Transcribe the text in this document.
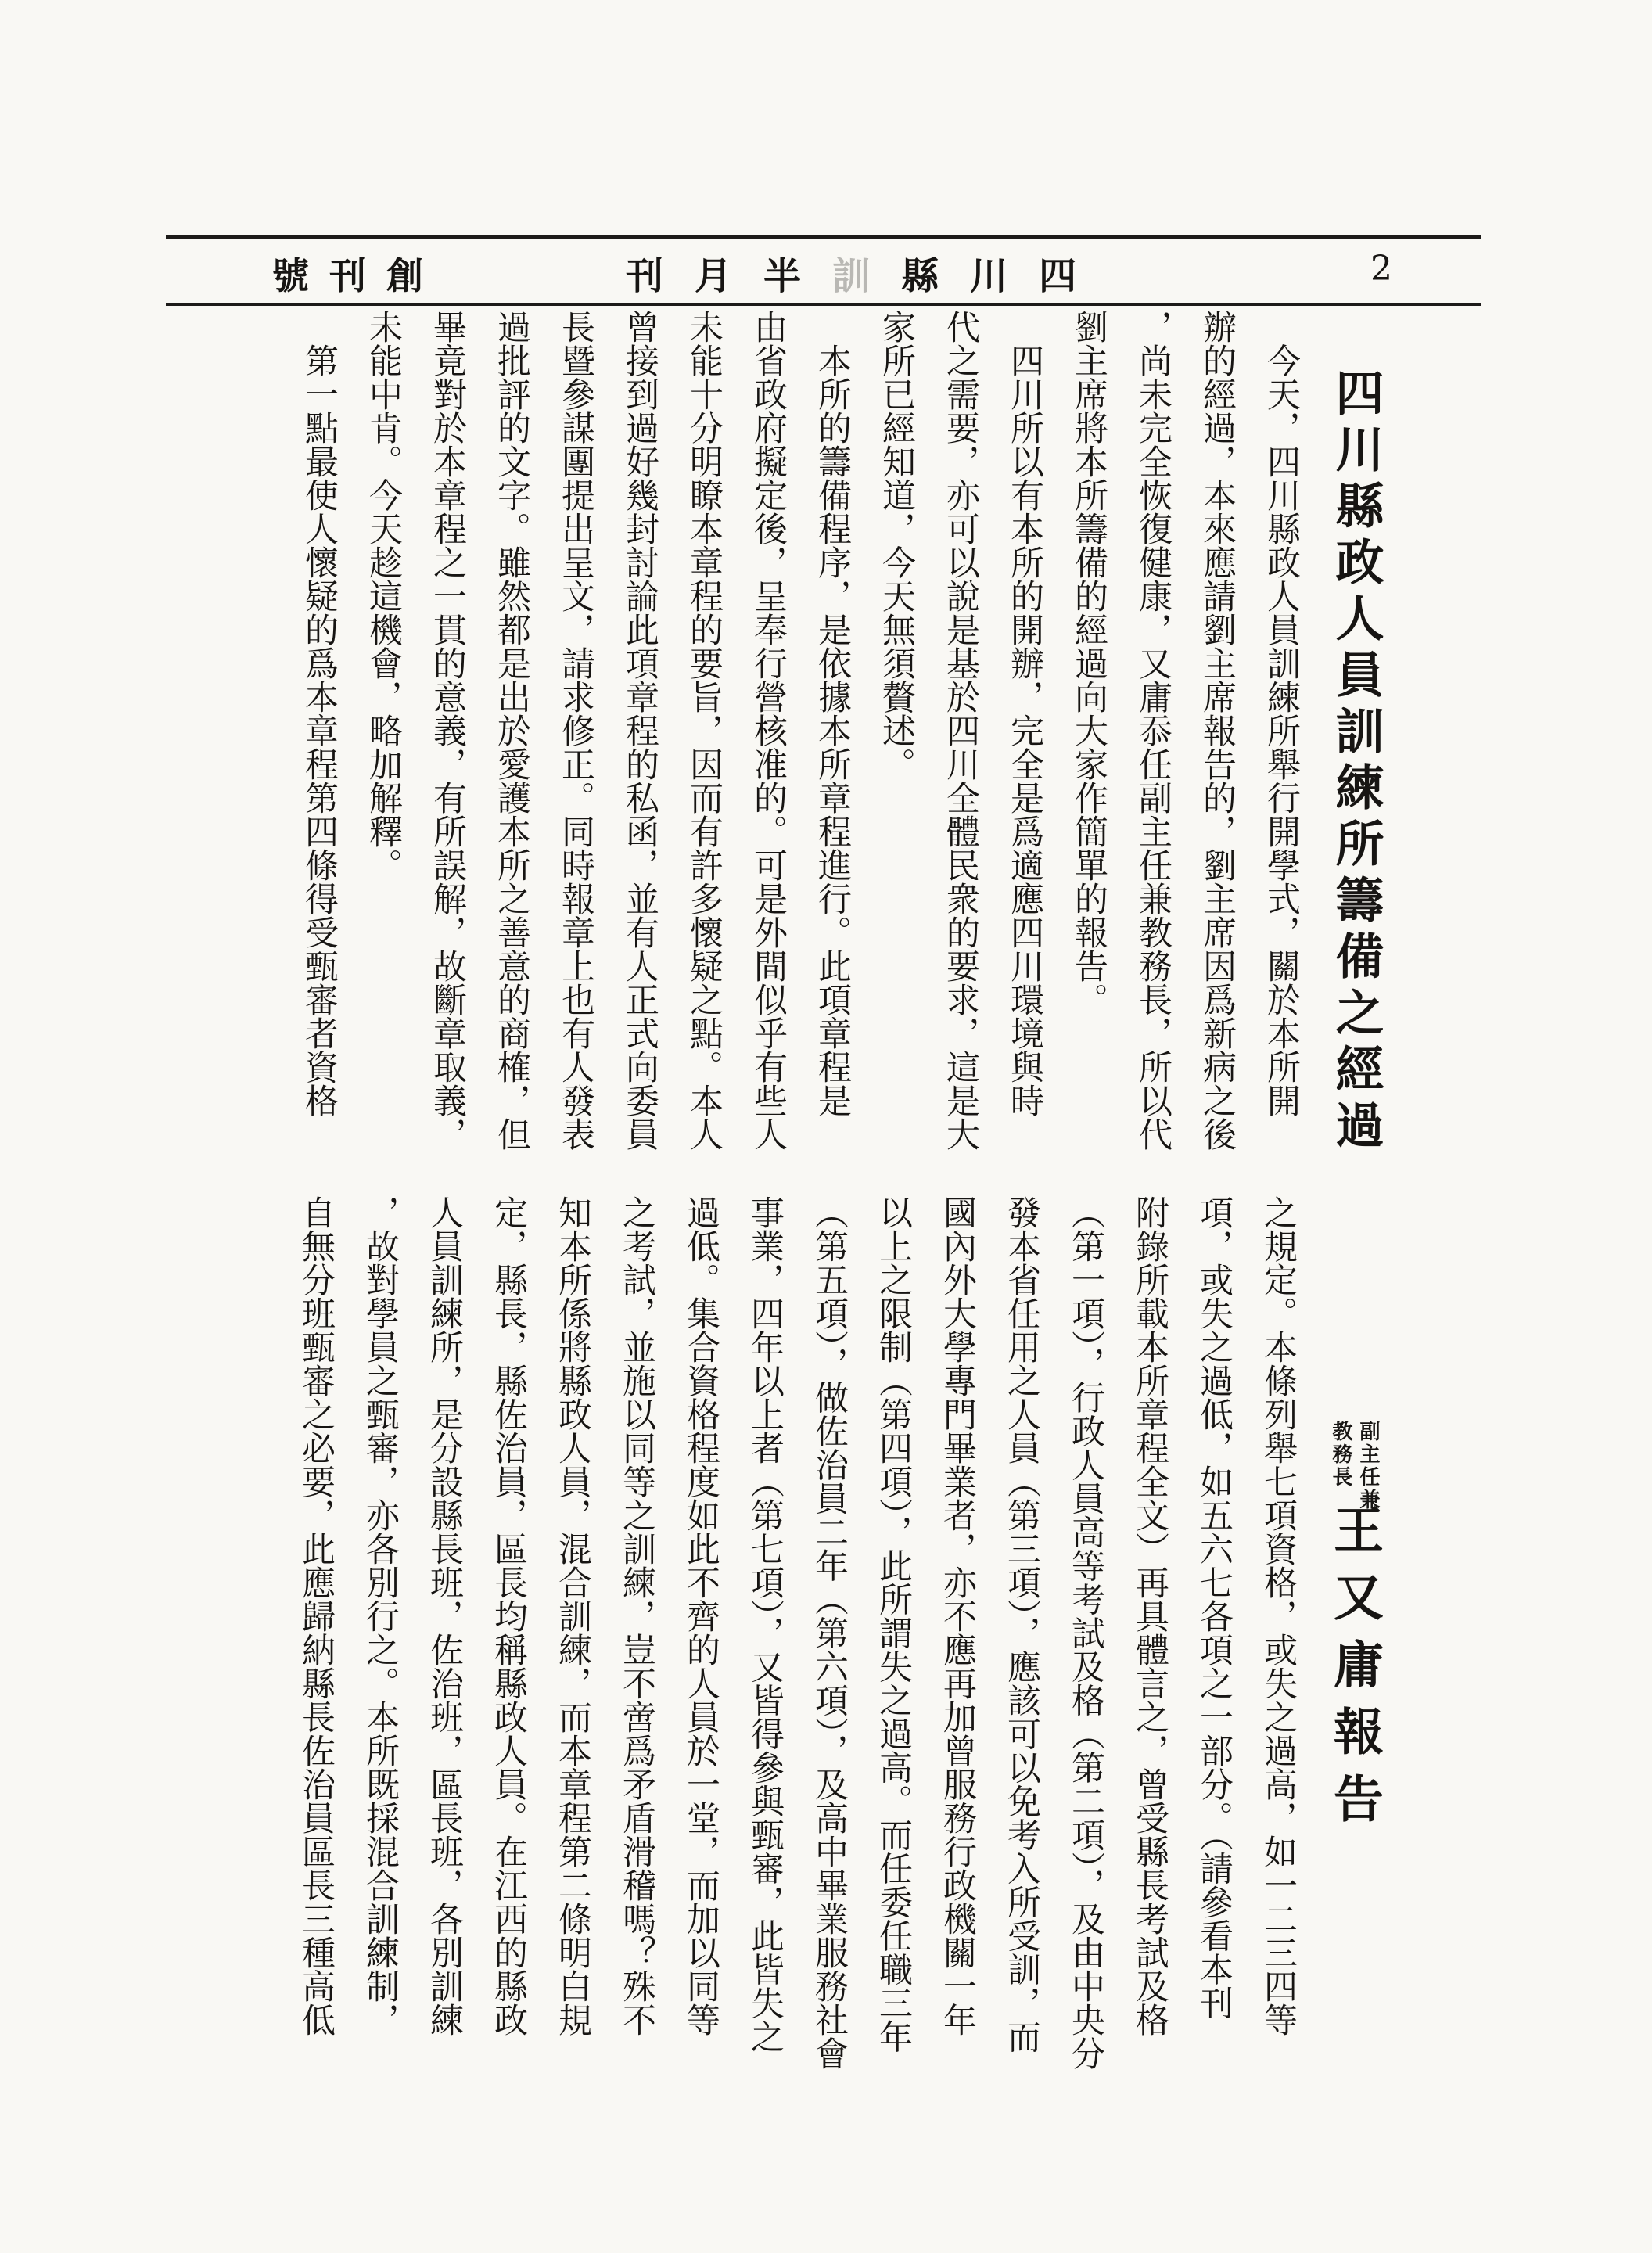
號 刊 創	刊 月 半 訓 縣 川 四	2
四川縣政人員訓練所籌備之經過
今天，四川縣政人員訓練所舉行開學式，關於本所開
辦的經過，本來應請劉主席報告的，劉主席因爲新病之後
，尚未完全恢復健康，又庸忝任副主任兼教務長，所以代
劉主席將本所籌備的經過向大家作簡單的報告。
四川所以有本所的開辦，完全是爲適應四川環境與時
代之需要，亦可以說是基於四川全體民衆的要求，這是大
家所已經知道，今天無須贅述。
本所的籌備程序，是依據本所章程進行。此項章程是
由省政府擬定後，呈奉行營核准的。可是外間似乎有些人
未能十分明瞭本章程的要旨，因而有許多懷疑之點。本人
曾接到過好幾封討論此項章程的私函，並有人正式向委員
長暨參謀團提出呈文，請求修正。同時報章上也有人發表
過批評的文字。雖然都是出於愛護本所之善意的商榷，但
畢竟對於本章程之一貫的意義，有所誤解，故斷章取義，
未能中肯。今天趁這機會，略加解釋。
第一點最使人懷疑的爲本章程第四條得受甄審者資格
副主任兼
教務長
王又庸報告
之規定。本條列舉七項資格，或失之過高，如一二三四等
項，或失之過低，如五六七各項之一部分。（請參看本刊
附錄所載本所章程全文）再具體言之，曾受縣長考試及格
（第一項），行政人員高等考試及格（第二項），及由中央分
發本省任用之人員（第三項），應該可以免考入所受訓，而
國內外大學專門畢業者，亦不應再加曾服務行政機關一年
以上之限制（第四項），此所謂失之過高。而任委任職三年
（第五項），做佐治員二年（第六項），及高中畢業服務社會
事業，四年以上者（第七項），又皆得參與甄審，此皆失之
過低。集合資格程度如此不齊的人員於一堂，而加以同等
之考試，並施以同等之訓練，豈不啻爲矛盾滑稽嗎？殊不
知本所係將縣政人員，混合訓練，而本章程第二條明白規
定，縣長，縣佐治員，區長均稱縣政人員。在江西的縣政
人員訓練所，是分設縣長班，佐治班，區長班，各別訓練
，故對學員之甄審，亦各別行之。本所既採混合訓練制，
自無分班甄審之必要，此應歸納縣長佐治員區長三種高低
